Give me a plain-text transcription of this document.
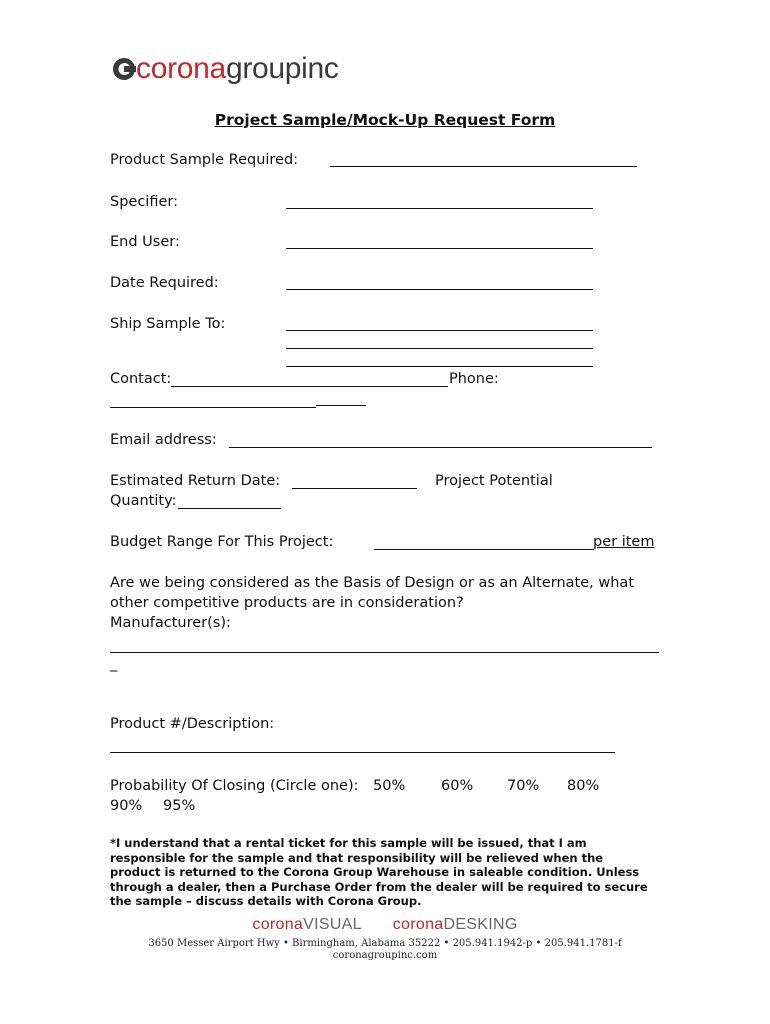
coronagroupinc
Project Sample/Mock-Up Request Form
Product Sample Required:
Specifier:
End User:
Date Required:
Ship Sample To:
Contact:	Phone:
Email address:
Estimated Return Date:	Project Potential
Quantity:
Budget Range For This Project:	per item
Are we being considered as the Basis of Design or as an Alternate, what
other competitive products are in consideration?
Manufacturer(s):
_
Product #/Description:
Probability Of Closing (Circle one): 50% 60% 70% 80%
90% 95%
*I understand that a rental ticket for this sample will be issued, that I am responsible for the sample and that responsibility will be relieved when the product is returned to the Corona Group Warehouse in saleable condition. Unless through a dealer, then a Purchase Order from the dealer will be required to secure the sample – discuss details with Corona Group.
coronaVISUAL coronaDESKING
3650 Messer Airport Hwy • Birmingham, Alabama 35222 • 205.941.1942-p • 205.941.1781-f
coronagroupinc.com
